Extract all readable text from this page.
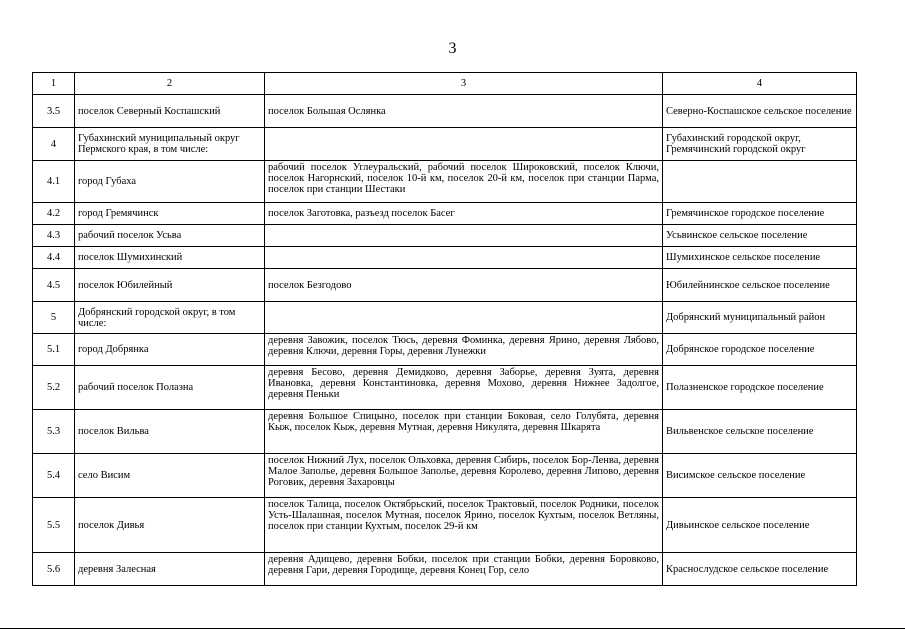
3
1	2	3	4
3.5	поселок Северный Коспашский	поселок Большая Ослянка	Северно-Коспашское сельское поселение
4	Губахинский муниципальный округ Пермского края, в том числе:		Губахинский городской округ, Гремячинский городской округ
4.1	город Губаха	рабочий поселок Углеуральский, рабочий поселок Широковский, поселок Ключи, поселок Нагорнский, поселок 10-й км, поселок 20-й км, поселок при станции Парма, поселок при станции Шестаки	
4.2	город Гремячинск	поселок Заготовка, разъезд поселок Басег	Гремячинское городское поселение
4.3	рабочий поселок Усьва		Усьвинское сельское поселение
4.4	поселок Шумихинский		Шумихинское сельское поселение
4.5	поселок Юбилейный	поселок Безгодово	Юбилейнинское сельское поселение
5	Добрянский городской округ, в том числе:		Добрянский муниципальный район
5.1	город Добрянка	деревня Завожик, поселок Тюсь, деревня Фоминка, деревня Ярино, деревня Лябово, деревня Ключи, деревня Горы, деревня Лунежки	Добрянское городское поселение
5.2	рабочий поселок Полазна	деревня Бесово, деревня Демидково, деревня Заборье, деревня Зуята, деревня Ивановка, деревня Константиновка, деревня Мохово, деревня Нижнее Задолгое, деревня Пеньки	Полазненское городское поселение
5.3	поселок Вильва	деревня Большое Спицыно, поселок при станции Боковая, село Голубята, деревня Кыж, поселок Кыж, деревня Мутная, деревня Никулята, деревня Шкарята	Вильвенское сельское поселение
5.4	село Висим	поселок Нижний Лух, поселок Ольховка, деревня Сибирь, поселок Бор-Ленва, деревня Малое Заполье, деревня Большое Заполье, деревня Королево, деревня Липово, деревня Роговик, деревня Захаровцы	Висимское сельское поселение
5.5	поселок Дивья	поселок Талица, поселок Октябрьский, поселок Трактовый, поселок Родники, поселок Усть-Шалашная, поселок Мутная, поселок Ярино, поселок Кухтым, поселок Ветляны, поселок при станции Кухтым, поселок 29-й км	Дивьинское сельское поселение
5.6	деревня Залесная	деревня Адищево, деревня Бобки, поселок при станции Бобки, деревня Боровково, деревня Гари, деревня Городище, деревня Конец Гор, село	Краснослудское сельское поселение
